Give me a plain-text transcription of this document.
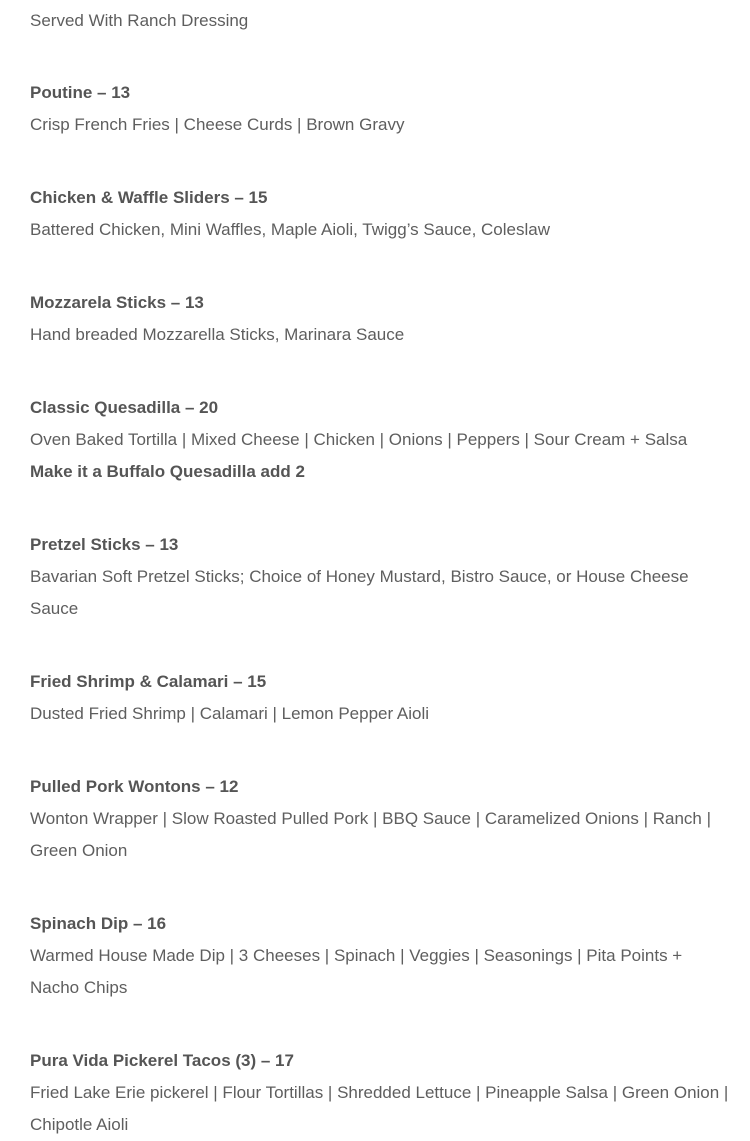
Served With Ranch Dressing

Poutine – 13

Crisp French Fries | Cheese Curds | Brown Gravy

Chicken & Waffle Sliders – 15

Battered Chicken, Mini Waffles, Maple Aioli, Twigg’s Sauce, Coleslaw

Mozzarela Sticks – 13

Hand breaded Mozzarella Sticks, Marinara Sauce

Classic Quesadilla – 20

Oven Baked Tortilla | Mixed Cheese | Chicken | Onions | Peppers | Sour Cream + Salsa Make it a Buffalo Quesadilla add 2

Pretzel Sticks – 13

Bavarian Soft Pretzel Sticks; Choice of Honey Mustard, Bistro Sauce, or House Cheese Sauce

Fried Shrimp & Calamari – 15

Dusted Fried Shrimp | Calamari | Lemon Pepper Aioli

Pulled Pork Wontons – 12

Wonton Wrapper | Slow Roasted Pulled Pork | BBQ Sauce | Caramelized Onions | Ranch | Green Onion

Spinach Dip – 16

Warmed House Made Dip | 3 Cheeses | Spinach | Veggies | Seasonings | Pita Points + Nacho Chips

Pura Vida Pickerel Tacos (3) – 17

Fried Lake Erie pickerel | Flour Tortillas | Shredded Lettuce | Pineapple Salsa | Green Onion | Chipotle Aioli
